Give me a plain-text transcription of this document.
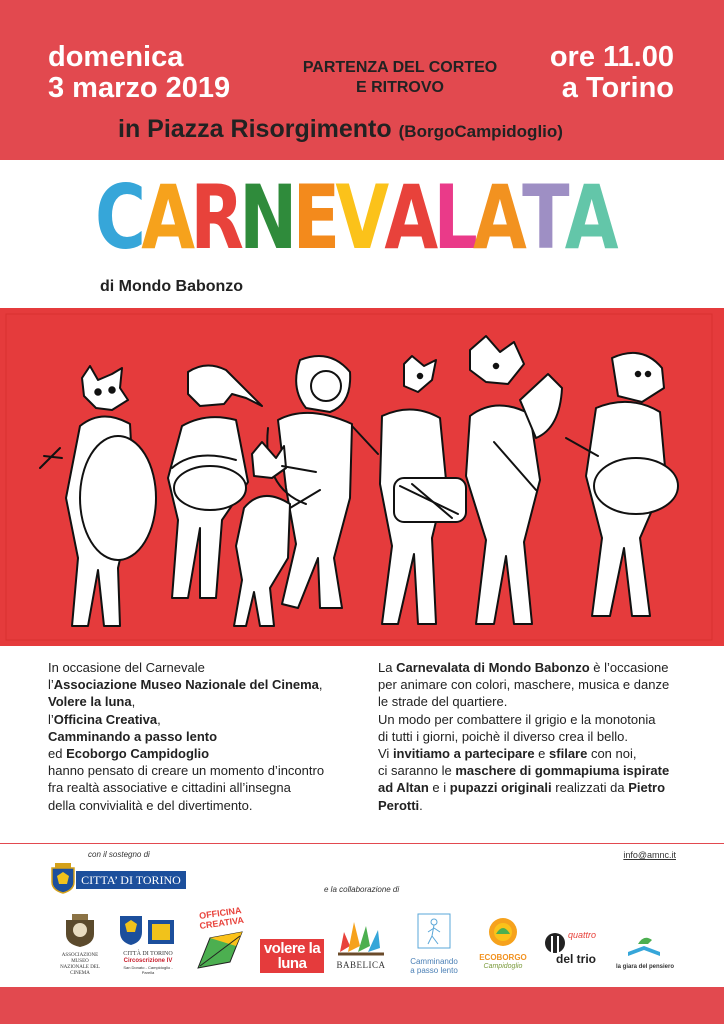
domenica
3 marzo 2019
PARTENZA DEL CORTEO
E RITROVO
ore 11.00
a Torino
in Piazza Risorgimento (BorgoCampidoglio)
CARNEVALATA
di Mondo Babonzo
In occasione del Carnevale
l’Associazione Museo Nazionale del Cinema,
Volere la luna,
l’Officina Creativa,
Camminando a passo lento
ed Ecoborgo Campidoglio
hanno pensato di creare un momento d’incontro
fra realtà associative e cittadini all’insegna
della convivialità e del divertimento.
La Carnevalata di Mondo Babonzo è l’occasione
per animare con colori, maschere, musica e danze
le strade del quartiere.
Un modo per combattere il grigio e la monotonia
di tutti i giorni, poichè il diverso crea il bello.
Vi invitiamo a partecipare e sfilare con noi,
ci saranno le maschere di gommapiuma ispirate
ad Altan e i pupazzi originali realizzati da Pietro
Perotti.
con il sostegno di	info@amnc.it
CITTA’ DI TORINO
e la collaborazione di
ASSOCIAZIONE MUSEO NAZIONALE DEL CINEMA
CITTÀ DI TORINO
Circoscrizione IV
San Donato - Campidoglio - Parella
OFFICINA CREATIVA
volere la luna	BABELICA	Camminando
a passo lento
ECOBORGO
Campidoglio
quattro
del trio
la giara del pensiero
